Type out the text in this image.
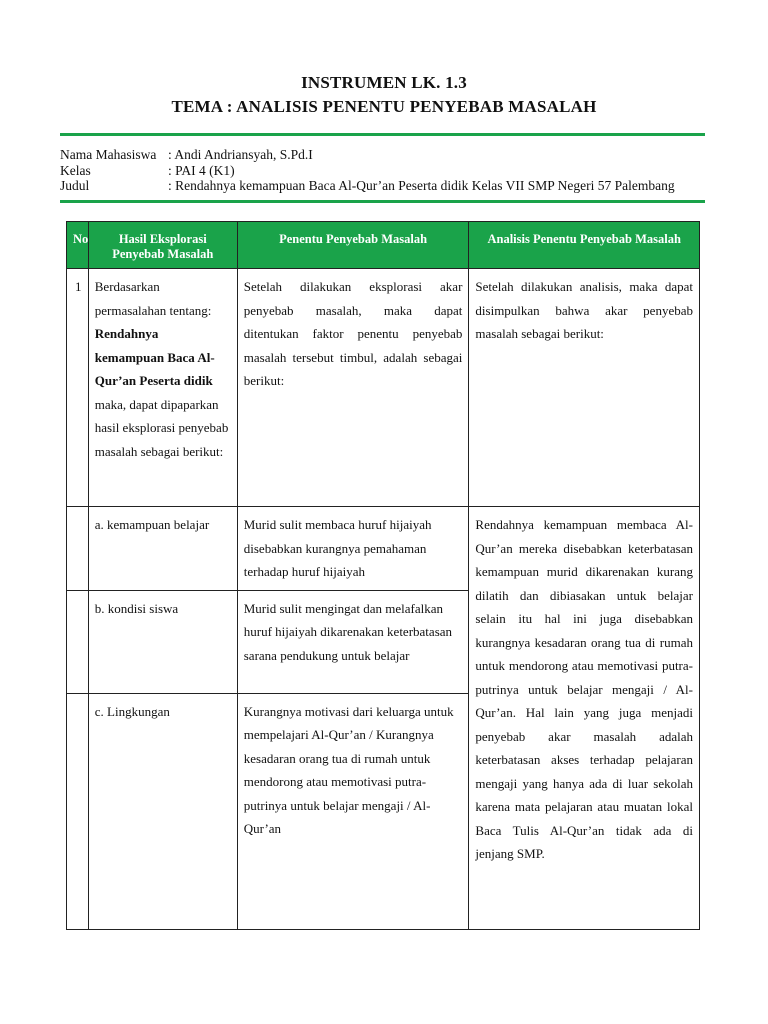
INSTRUMEN LK. 1.3
TEMA : ANALISIS PENENTU PENYEBAB MASALAH
Nama Mahasiswa : Andi Andriansyah, S.Pd.I
Kelas	: PAI 4 (K1)
Judul	: Rendahnya kemampuan Baca Al-Qur’an Peserta didik Kelas VII SMP Negeri 57 Palembang
No	Hasil Eksplorasi Penyebab Masalah	Penentu Penyebab Masalah	Analisis Penentu Penyebab Masalah
1	Berdasarkan permasalahan tentang: Rendahnya kemampuan Baca Al-Qur’an Peserta didik maka, dapat dipaparkan hasil eksplorasi penyebab masalah sebagai berikut:	Setelah dilakukan eksplorasi akar penyebab masalah, maka dapat ditentukan faktor penentu penyebab masalah tersebut timbul, adalah sebagai berikut:	Setelah dilakukan analisis, maka dapat disimpulkan bahwa akar penyebab masalah sebagai berikut:
	a. kemampuan belajar	Murid sulit membaca huruf hijaiyah disebabkan kurangnya pemahaman terhadap huruf hijaiyah	Rendahnya kemampuan membaca Al-Qur’an mereka disebabkan keterbatasan kemampuan murid dikarenakan kurang dilatih dan dibiasakan untuk belajar selain itu hal ini juga disebabkan kurangnya kesadaran orang tua di rumah untuk mendorong atau memotivasi putra-putrinya untuk belajar mengaji / Al-Qur’an. Hal lain yang juga menjadi penyebab akar masalah adalah keterbatasan akses terhadap pelajaran mengaji yang hanya ada di luar sekolah karena mata pelajaran atau muatan lokal Baca Tulis Al-Qur’an tidak ada di jenjang SMP.
	b. kondisi siswa	Murid sulit mengingat dan melafalkan huruf hijaiyah dikarenakan keterbatasan sarana pendukung untuk belajar	
	c. Lingkungan	Kurangnya motivasi dari keluarga untuk mempelajari Al-Qur’an / Kurangnya kesadaran orang tua di rumah untuk mendorong atau memotivasi putra-putrinya untuk belajar mengaji / Al-Qur’an	
